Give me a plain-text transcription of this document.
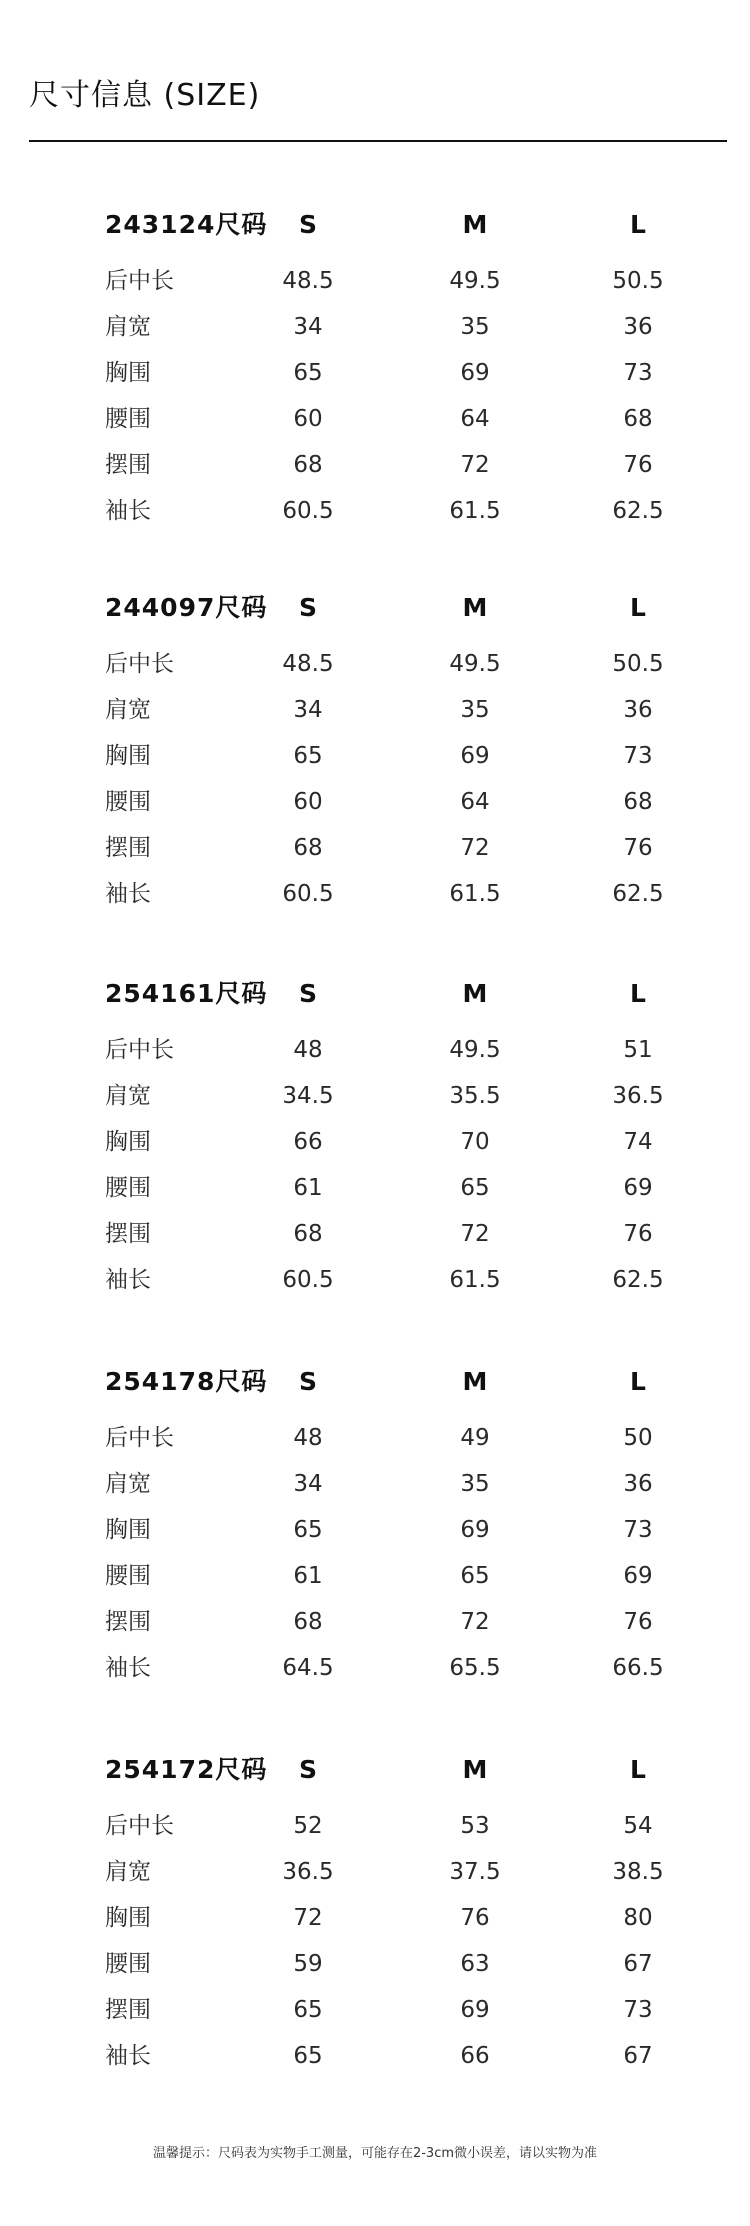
尺寸信息 (SIZE)
243124尺码	S	M	L
后中长	48.5	49.5	50.5
肩宽	34	35	36
胸围	65	69	73
腰围	60	64	68
摆围	68	72	76
袖长	60.5	61.5	62.5
244097尺码	S	M	L
后中长	48.5	49.5	50.5
肩宽	34	35	36
胸围	65	69	73
腰围	60	64	68
摆围	68	72	76
袖长	60.5	61.5	62.5
254161尺码	S	M	L
后中长	48	49.5	51
肩宽	34.5	35.5	36.5
胸围	66	70	74
腰围	61	65	69
摆围	68	72	76
袖长	60.5	61.5	62.5
254178尺码	S	M	L
后中长	48	49	50
肩宽	34	35	36
胸围	65	69	73
腰围	61	65	69
摆围	68	72	76
袖长	64.5	65.5	66.5
254172尺码	S	M	L
后中长	52	53	54
肩宽	36.5	37.5	38.5
胸围	72	76	80
腰围	59	63	67
摆围	65	69	73
袖长	65	66	67
温馨提示：尺码表为实物手工测量，可能存在2-3cm微小误差，请以实物为准
